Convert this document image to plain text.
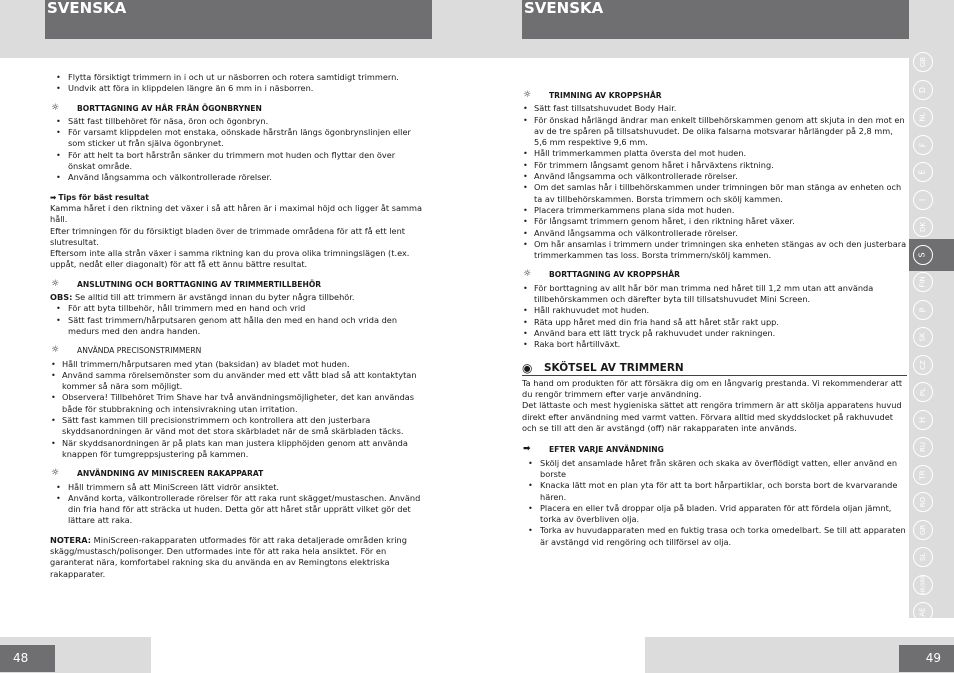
SVENSKA	SVENSKA
48	49
GB
D
NL
F
E
I
DK
S
FIN
P
SK
CZ
PL
H
RU
TR
RO
GR
SL
HR/SRB
AE
• Flytta försiktigt trimmern in i och ut ur näsborren och rotera samtidigt trimmern.
• Undvik att föra in klippdelen längre än 6 mm in i näsborren.
☼	BORTTAGNING AV HÅR FRÅN ÖGONBRYNEN
• Sätt fast tillbehöret för näsa, öron och ögonbryn.
• För varsamt klippdelen mot enstaka, oönskade hårstrån längs ögonbrynslinjen eller som sticker ut från själva ögonbrynet.
• För att helt ta bort hårstrån sänker du trimmern mot huden och flyttar den över önskat område.
• Använd långsamma och välkontrollerade rörelser.
➡ Tips för bäst resultat

Kamma håret i den riktning det växer i så att håren är i maximal höjd och ligger åt samma håll.

Efter trimningen för du försiktigt bladen över de trimmade områdena för att få ett lent slutresultat.

Eftersom inte alla strån växer i samma riktning kan du prova olika trimningslägen (t.ex. uppåt, nedåt eller diagonalt) för att få ett ännu bättre resultat.

☼	ANSLUTNING OCH BORTTAGNING AV TRIMMERTILLBEHÖR

OBS: Se alltid till att trimmern är avstängd innan du byter några tillbehör.

• För att byta tillbehör, håll trimmern med en hand och vrid
• Sätt fast trimmern/hårputsaren genom att hålla den med en hand och vrida den medurs med den andra handen.
☼	ANVÄNDA PRECISONSTRIMMERN
• Håll trimmern/hårputsaren med ytan (baksidan) av bladet mot huden.
• Använd samma rörelsemönster som du använder med ett vått blad så att kontaktytan kommer så nära som möjligt.
• Observera! Tillbehöret Trim Shave har två användningsmöjligheter, det kan användas både för stubbrakning och intensivrakning utan irritation.
• Sätt fast kammen till precisionstrimmern och kontrollera att den justerbara skyddsanordningen är vänd mot det stora skärbladet när de små skärbladen täcks.
• När skyddsanordningen är på plats kan man justera klipphöjden genom att använda knappen för tumgreppsjustering på kammen.
☼	ANVÄNDNING AV MINISCREEN RAKAPPARAT
• Håll trimmern så att MiniScreen lätt vidrör ansiktet.
• Använd korta, välkontrollerade rörelser för att raka runt skägget/mustaschen. Använd din fria hand för att sträcka ut huden. Detta gör att håret står upprätt vilket gör det lättare att raka.

NOTERA: MiniScreen-rakapparaten utformades för att raka detaljerade områden kring skägg/mustasch/polisonger. Den utformades inte för att raka hela ansiktet. För en garanterat nära, komfortabel rakning ska du använda en av Remingtons elektriska rakapparater.

☼	TRIMNING AV KROPPSHÅR
• Sätt fast tillsatshuvudet Body Hair.
• För önskad hårlängd ändrar man enkelt tillbehörskammen genom att skjuta in den mot en av de tre spåren på tillsatshuvudet. De olika falsarna motsvarar hårlängder på 2,8 mm, 5,6 mm respektive 9,6 mm.
• Håll trimmerkammen platta översta del mot huden.
• För trimmern långsamt genom håret i hårväxtens riktning.
• Använd långsamma och välkontrollerade rörelser.
• Om det samlas hår i tillbehörskammen under trimningen bör man stänga av enheten och ta av tillbehörskammen. Borsta trimmern och skölj kammen.
• Placera trimmerkammens plana sida mot huden.
• För långsamt trimmern genom håret, i den riktning håret växer.
• Använd långsamma och välkontrollerade rörelser.
• Om hår ansamlas i trimmern under trimningen ska enheten stängas av och den justerbara trimmerkammen tas loss. Borsta trimmern/skölj kammen.
☼	BORTTAGNING AV KROPPSHÅR
• För borttagning av allt hår bör man trimma ned håret till 1,2 mm utan att använda tillbehörskammen och därefter byta till tillsatshuvudet Mini Screen.
• Håll rakhuvudet mot huden.
• Räta upp håret med din fria hand så att håret står rakt upp.
• Använd bara ett lätt tryck på rakhuvudet under rakningen.
• Raka bort hårtillväxt.
◉	SKÖTSEL AV TRIMMERN

Ta hand om produkten för att försäkra dig om en långvarig prestanda. Vi rekommenderar att du rengör trimmern efter varje användning.

Det lättaste och mest hygieniska sättet att rengöra trimmern är att skölja apparatens huvud direkt efter användning med varmt vatten. Förvara alltid med skyddslocket på rakhuvudet och se till att den är avstängd (off) när rakapparaten inte används.

➡	EFTER VARJE ANVÄNDNING
• Skölj det ansamlade håret från skären och skaka av överflödigt vatten, eller använd en borste
• Knacka lätt mot en plan yta för att ta bort hårpartiklar, och borsta bort de kvarvarande hären.
• Placera en eller två droppar olja på bladen. Vrid apparaten för att fördela oljan jämnt, torka av överbliven olja.
• Torka av huvudapparaten med en fuktig trasa och torka omedelbart. Se till att apparaten är avstängd vid rengöring och tillförsel av olja.
